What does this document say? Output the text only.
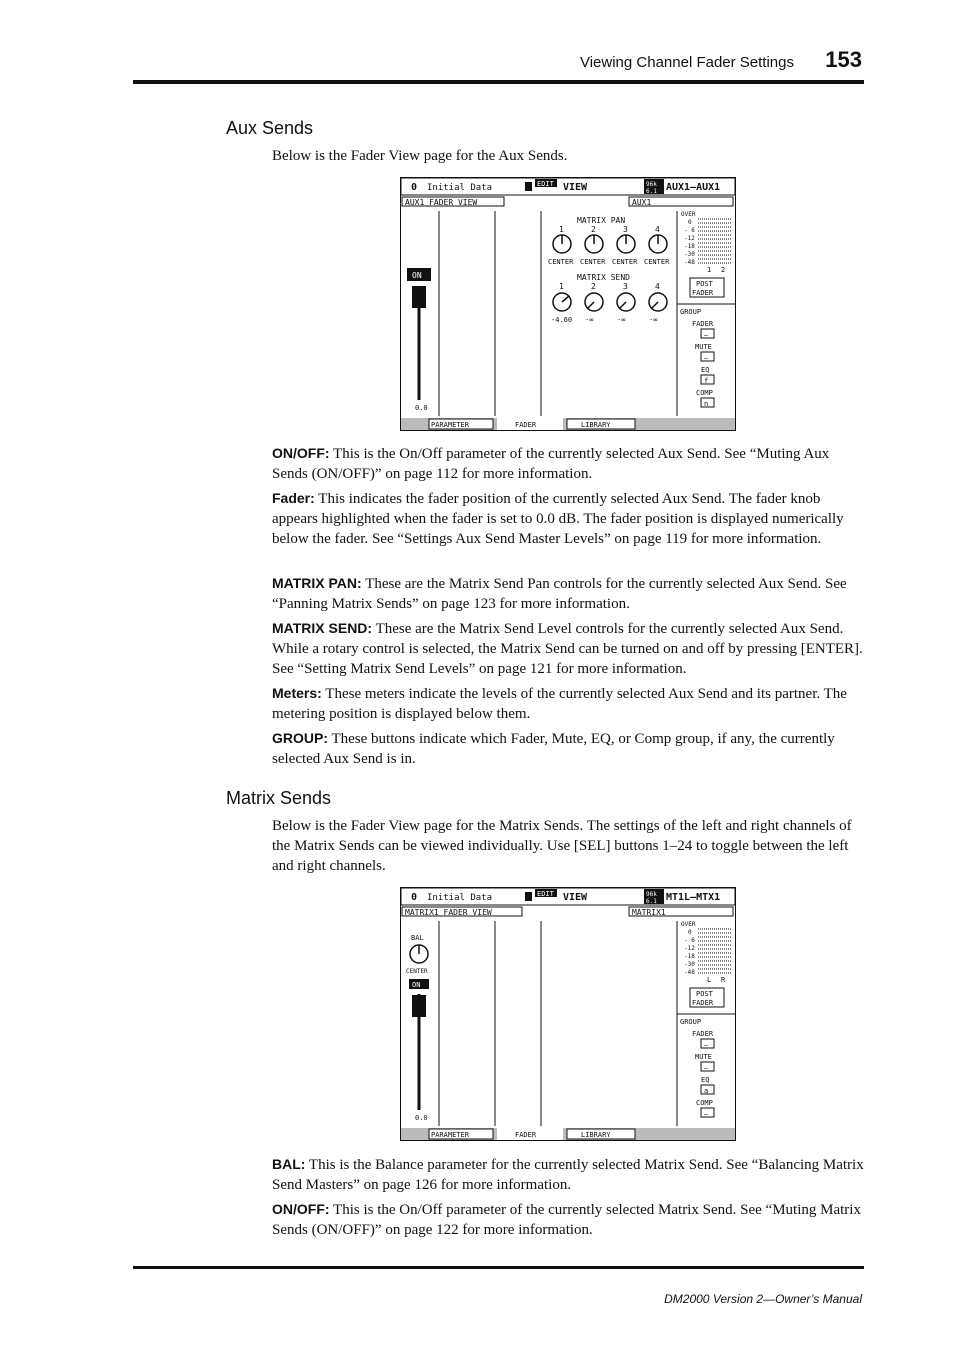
Viewing Channel Fader Settings 153
Aux Sends

Below is the Fader View page for the Aux Sends.

0 Initial Data	EDIT VIEW	96k
6.1 AUX1–AUX1
AUX1 FADER VIEW	AUX1
ON
0.0
MATRIX PAN
1	2	3	4
CENTER CENTER CENTER CENTER
MATRIX SEND
1	2	3	4
-4.60 -∞	-∞	-∞
OVER
0
- 6
-12
-18
-30
-48
1 2
POST
FADER
GROUP
FADER
–
MUTE
–
EQ
f
COMP
n
PARAMETER	FADER	LIBRARY

ON/OFF: This is the On/Off parameter of the currently selected Aux Send. See “Muting Aux Sends (ON/OFF)” on page 112 for more information.

Fader: This indicates the fader position of the currently selected Aux Send. The fader knob appears highlighted when the fader is set to 0.0 dB. The fader position is displayed numerically below the fader. See “Settings Aux Send Master Levels” on page 119 for more information.

MATRIX PAN: These are the Matrix Send Pan controls for the currently selected Aux Send. See “Panning Matrix Sends” on page 123 for more information.

MATRIX SEND: These are the Matrix Send Level controls for the currently selected Aux Send. While a rotary control is selected, the Matrix Send can be turned on and off by pressing [ENTER]. See “Setting Matrix Send Levels” on page 121 for more information.

Meters: These meters indicate the levels of the currently selected Aux Send and its partner. The metering position is displayed below them.

GROUP: These buttons indicate which Fader, Mute, EQ, or Comp group, if any, the currently selected Aux Send is in.

Matrix Sends

Below is the Fader View page for the Matrix Sends. The settings of the left and right channels of the Matrix Sends can be viewed individually. Use [SEL] buttons 1–24 to toggle between the left and right channels.

0 Initial Data	EDIT VIEW	96k
6.1 MT1L–MTX1
MATRIX1 FADER VIEW	MATRIX1
BAL
CENTER
ON
0.0
OVER
0
- 6
-12
-18
-30
-48
L R
POST
FADER
GROUP
FADER
–
MUTE
–
EQ
a
COMP
–
PARAMETER	FADER	LIBRARY

BAL: This is the Balance parameter for the currently selected Matrix Send. See “Balancing Matrix Send Masters” on page 126 for more information.

ON/OFF: This is the On/Off parameter of the currently selected Matrix Send. See “Muting Matrix Sends (ON/OFF)” on page 122 for more information.

DM2000 Version 2—Owner’s Manual
